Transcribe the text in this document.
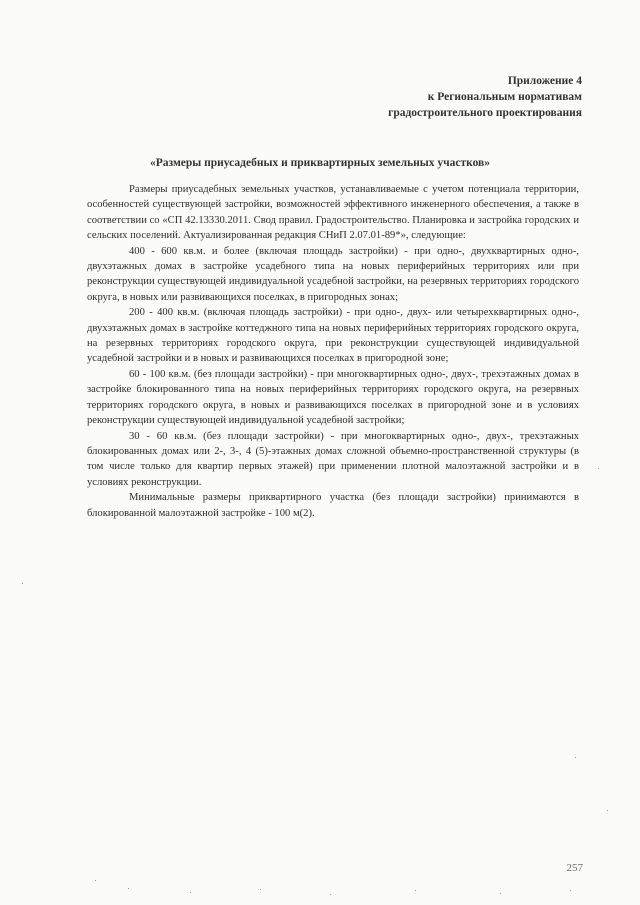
Приложение 4
к Региональным нормативам
градостроительного проектирования
«Размеры приусадебных и приквартирных земельных участков»

Размеры приусадебных земельных участков, устанавливаемые с учетом потенциала территории, особенностей существующей застройки, возможностей эффективного инженерного обеспечения, а также в соответствии со «СП 42.13330.2011. Свод правил. Градостроительство. Планировка и застройка городских и сельских поселений. Актуализированная редакция СНиП 2.07.01-89*», следующие:

400 - 600 кв.м. и более (включая площадь застройки) - при одно-, двухквартирных одно-, двухэтажных домах в застройке усадебного типа на новых периферийных территориях или при реконструкции существующей индивидуальной усадебной застройки, на резервных территориях городского округа, в новых или развивающихся поселках, в пригородных зонах;

200 - 400 кв.м. (включая площадь застройки) - при одно-, двух- или четырехквартирных одно-, двухэтажных домах в застройке коттеджного типа на новых периферийных территориях городского округа, на резервных территориях городского округа, при реконструкции существующей индивидуальной усадебной застройки и в новых и развивающихся поселках в пригородной зоне;

60 - 100 кв.м. (без площади застройки) - при многоквартирных одно-, двух-, трехэтажных домах в застройке блокированного типа на новых периферийных территориях городского округа, на резервных территориях городского округа, в новых и развивающихся поселках в пригородной зоне и в условиях реконструкции существующей индивидуальной усадебной застройки;

30 - 60 кв.м. (без площади застройки) - при многоквартирных одно-, двух-, трехэтажных блокированных домах или 2-, 3-, 4 (5)-этажных домах сложной объемно-пространственной структуры (в том числе только для квартир первых этажей) при применении плотной малоэтажной застройки и в условиях реконструкции.

Минимальные размеры приквартирного участка (без площади застройки) принимаются в блокированной малоэтажной застройке - 100 м(2).

257
